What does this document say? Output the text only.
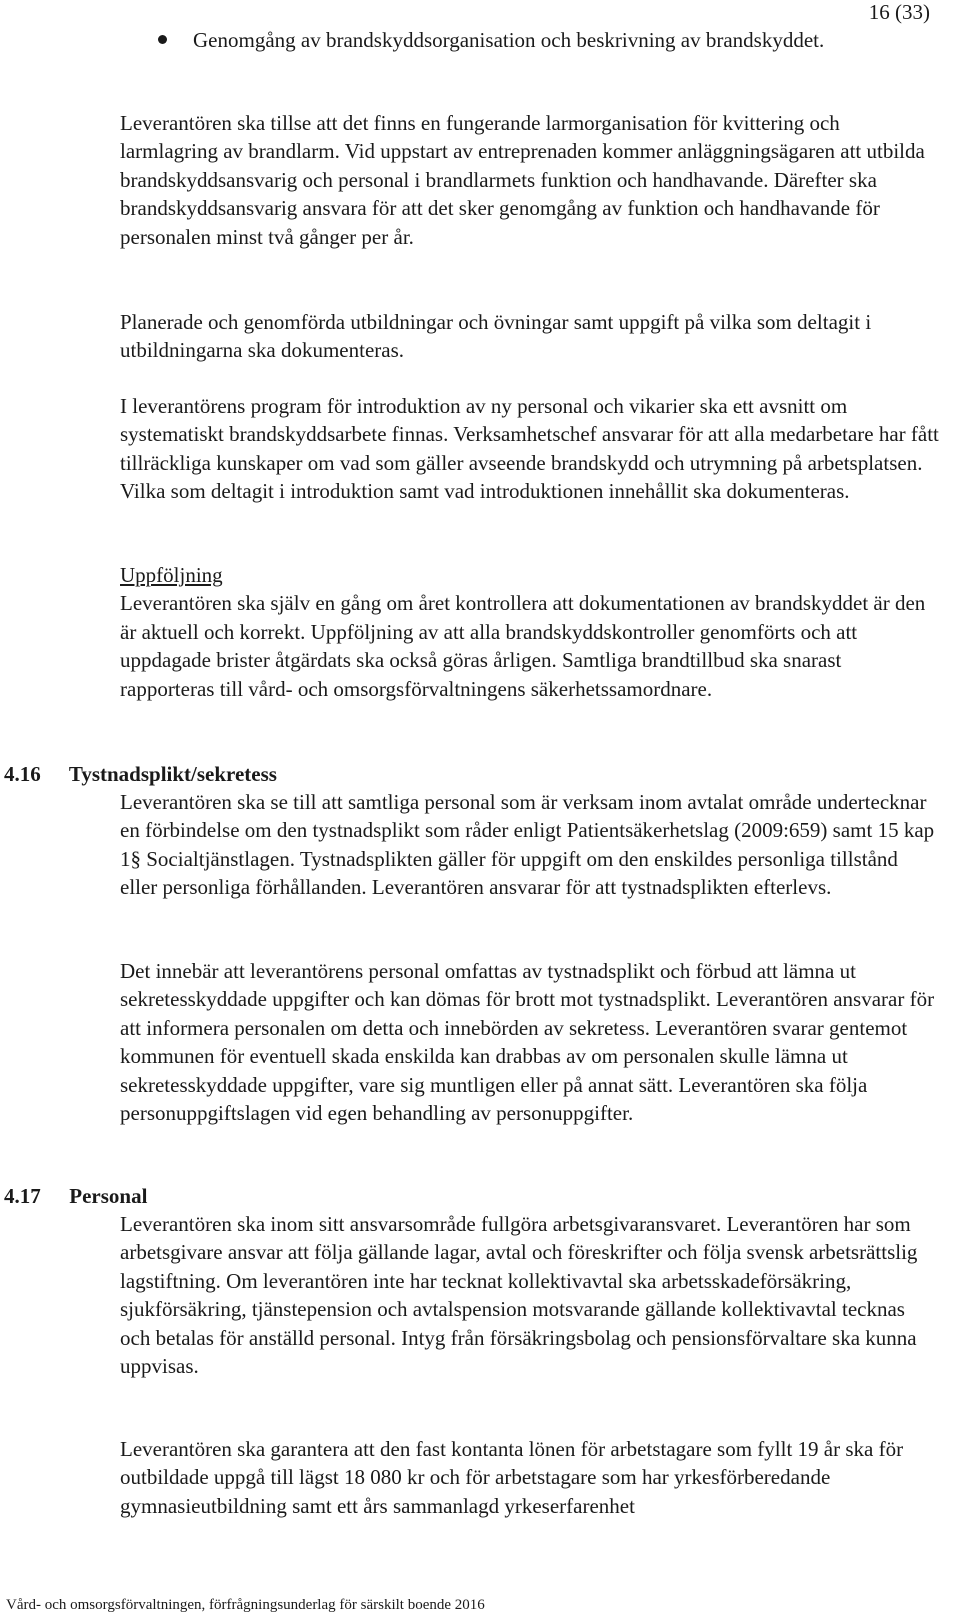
16 (33)
Genomgång av brandskyddsorganisation och beskrivning av brandskyddet.

Leverantören ska tillse att det finns en fungerande larmorganisation för kvittering och larmlagring av brandlarm. Vid uppstart av entreprenaden kommer anläggningsägaren att utbilda brandskyddsansvarig och personal i brandlarmets funktion och handhavande. Därefter ska brandskyddsansvarig ansvara för att det sker genomgång av funktion och handhavande för personalen minst två gånger per år.

Planerade och genomförda utbildningar och övningar samt uppgift på vilka som deltagit i utbildningarna ska dokumenteras.

I leverantörens program för introduktion av ny personal och vikarier ska ett avsnitt om systematiskt brandskyddsarbete finnas. Verksamhetschef ansvarar för att alla medarbetare har fått tillräckliga kunskaper om vad som gäller avseende brandskydd och utrymning på arbetsplatsen. Vilka som deltagit i introduktion samt vad introduktionen innehållit ska dokumenteras.

Uppföljning
Leverantören ska själv en gång om året kontrollera att dokumentationen av brandskyddet är den är aktuell och korrekt. Uppföljning av att alla brandskyddskontroller genomförts och att uppdagade brister åtgärdats ska också göras årligen. Samtliga brandtillbud ska snarast rapporteras till vård- och omsorgsförvaltningens säkerhetssamordnare.
4.16 Tystnadsplikt/sekretess

Leverantören ska se till att samtliga personal som är verksam inom avtalat område undertecknar en förbindelse om den tystnadsplikt som råder enligt Patientsäkerhetslag (2009:659) samt 15 kap 1§ Socialtjänstlagen. Tystnadsplikten gäller för uppgift om den enskildes personliga tillstånd eller personliga förhållanden. Leverantören ansvarar för att tystnadsplikten efterlevs.

Det innebär att leverantörens personal omfattas av tystnadsplikt och förbud att lämna ut sekretesskyddade uppgifter och kan dömas för brott mot tystnadsplikt. Leverantören ansvarar för att informera personalen om detta och innebörden av sekretess. Leverantören svarar gentemot kommunen för eventuell skada enskilda kan drabbas av om personalen skulle lämna ut sekretesskyddade uppgifter, vare sig muntligen eller på annat sätt. Leverantören ska följa personuppgiftslagen vid egen behandling av personuppgifter.

4.17 Personal

Leverantören ska inom sitt ansvarsområde fullgöra arbetsgivaransvaret. Leverantören har som arbetsgivare ansvar att följa gällande lagar, avtal och föreskrifter och följa svensk arbetsrättslig lagstiftning. Om leverantören inte har tecknat kollektivavtal ska arbetsskadeförsäkring, sjukförsäkring, tjänstepension och avtalspension motsvarande gällande kollektivavtal tecknas och betalas för anställd personal. Intyg från försäkringsbolag och pensionsförvaltare ska kunna uppvisas.

Leverantören ska garantera att den fast kontanta lönen för arbetstagare som fyllt 19 år ska för outbildade uppgå till lägst 18 080 kr och för arbetstagare som har yrkesförberedande gymnasieutbildning samt ett års sammanlagd yrkeserfarenhet

Vård- och omsorgsförvaltningen, förfrågningsunderlag för särskilt boende 2016
